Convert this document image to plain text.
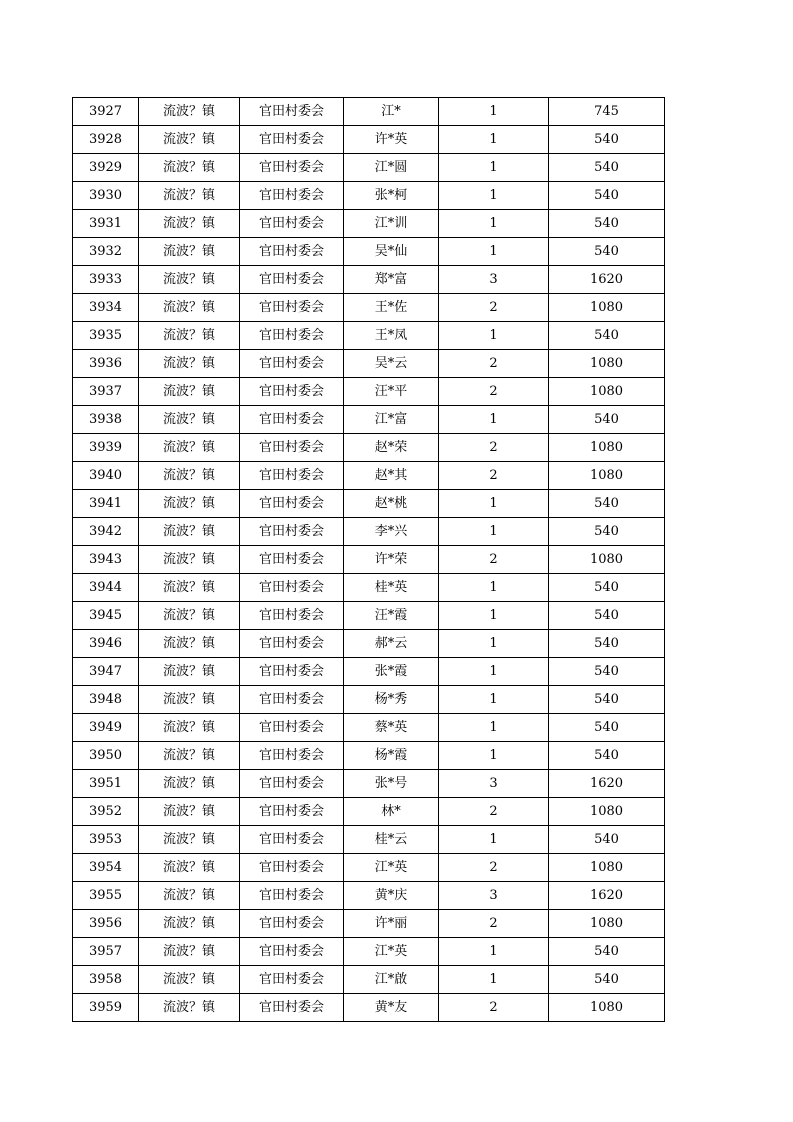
3927	流波？镇	官田村委会	江*	1	745
3928	流波？镇	官田村委会	许*英	1	540
3929	流波？镇	官田村委会	江*圆	1	540
3930	流波？镇	官田村委会	张*柯	1	540
3931	流波？镇	官田村委会	江*训	1	540
3932	流波？镇	官田村委会	吴*仙	1	540
3933	流波？镇	官田村委会	郑*富	3	1620
3934	流波？镇	官田村委会	王*佐	2	1080
3935	流波？镇	官田村委会	王*凤	1	540
3936	流波？镇	官田村委会	吴*云	2	1080
3937	流波？镇	官田村委会	汪*平	2	1080
3938	流波？镇	官田村委会	江*富	1	540
3939	流波？镇	官田村委会	赵*荣	2	1080
3940	流波？镇	官田村委会	赵*其	2	1080
3941	流波？镇	官田村委会	赵*桃	1	540
3942	流波？镇	官田村委会	李*兴	1	540
3943	流波？镇	官田村委会	许*荣	2	1080
3944	流波？镇	官田村委会	桂*英	1	540
3945	流波？镇	官田村委会	汪*霞	1	540
3946	流波？镇	官田村委会	郝*云	1	540
3947	流波？镇	官田村委会	张*霞	1	540
3948	流波？镇	官田村委会	杨*秀	1	540
3949	流波？镇	官田村委会	蔡*英	1	540
3950	流波？镇	官田村委会	杨*霞	1	540
3951	流波？镇	官田村委会	张*号	3	1620
3952	流波？镇	官田村委会	林*	2	1080
3953	流波？镇	官田村委会	桂*云	1	540
3954	流波？镇	官田村委会	江*英	2	1080
3955	流波？镇	官田村委会	黄*庆	3	1620
3956	流波？镇	官田村委会	许*丽	2	1080
3957	流波？镇	官田村委会	江*英	1	540
3958	流波？镇	官田村委会	江*啟	1	540
3959	流波？镇	官田村委会	黄*友	2	1080
